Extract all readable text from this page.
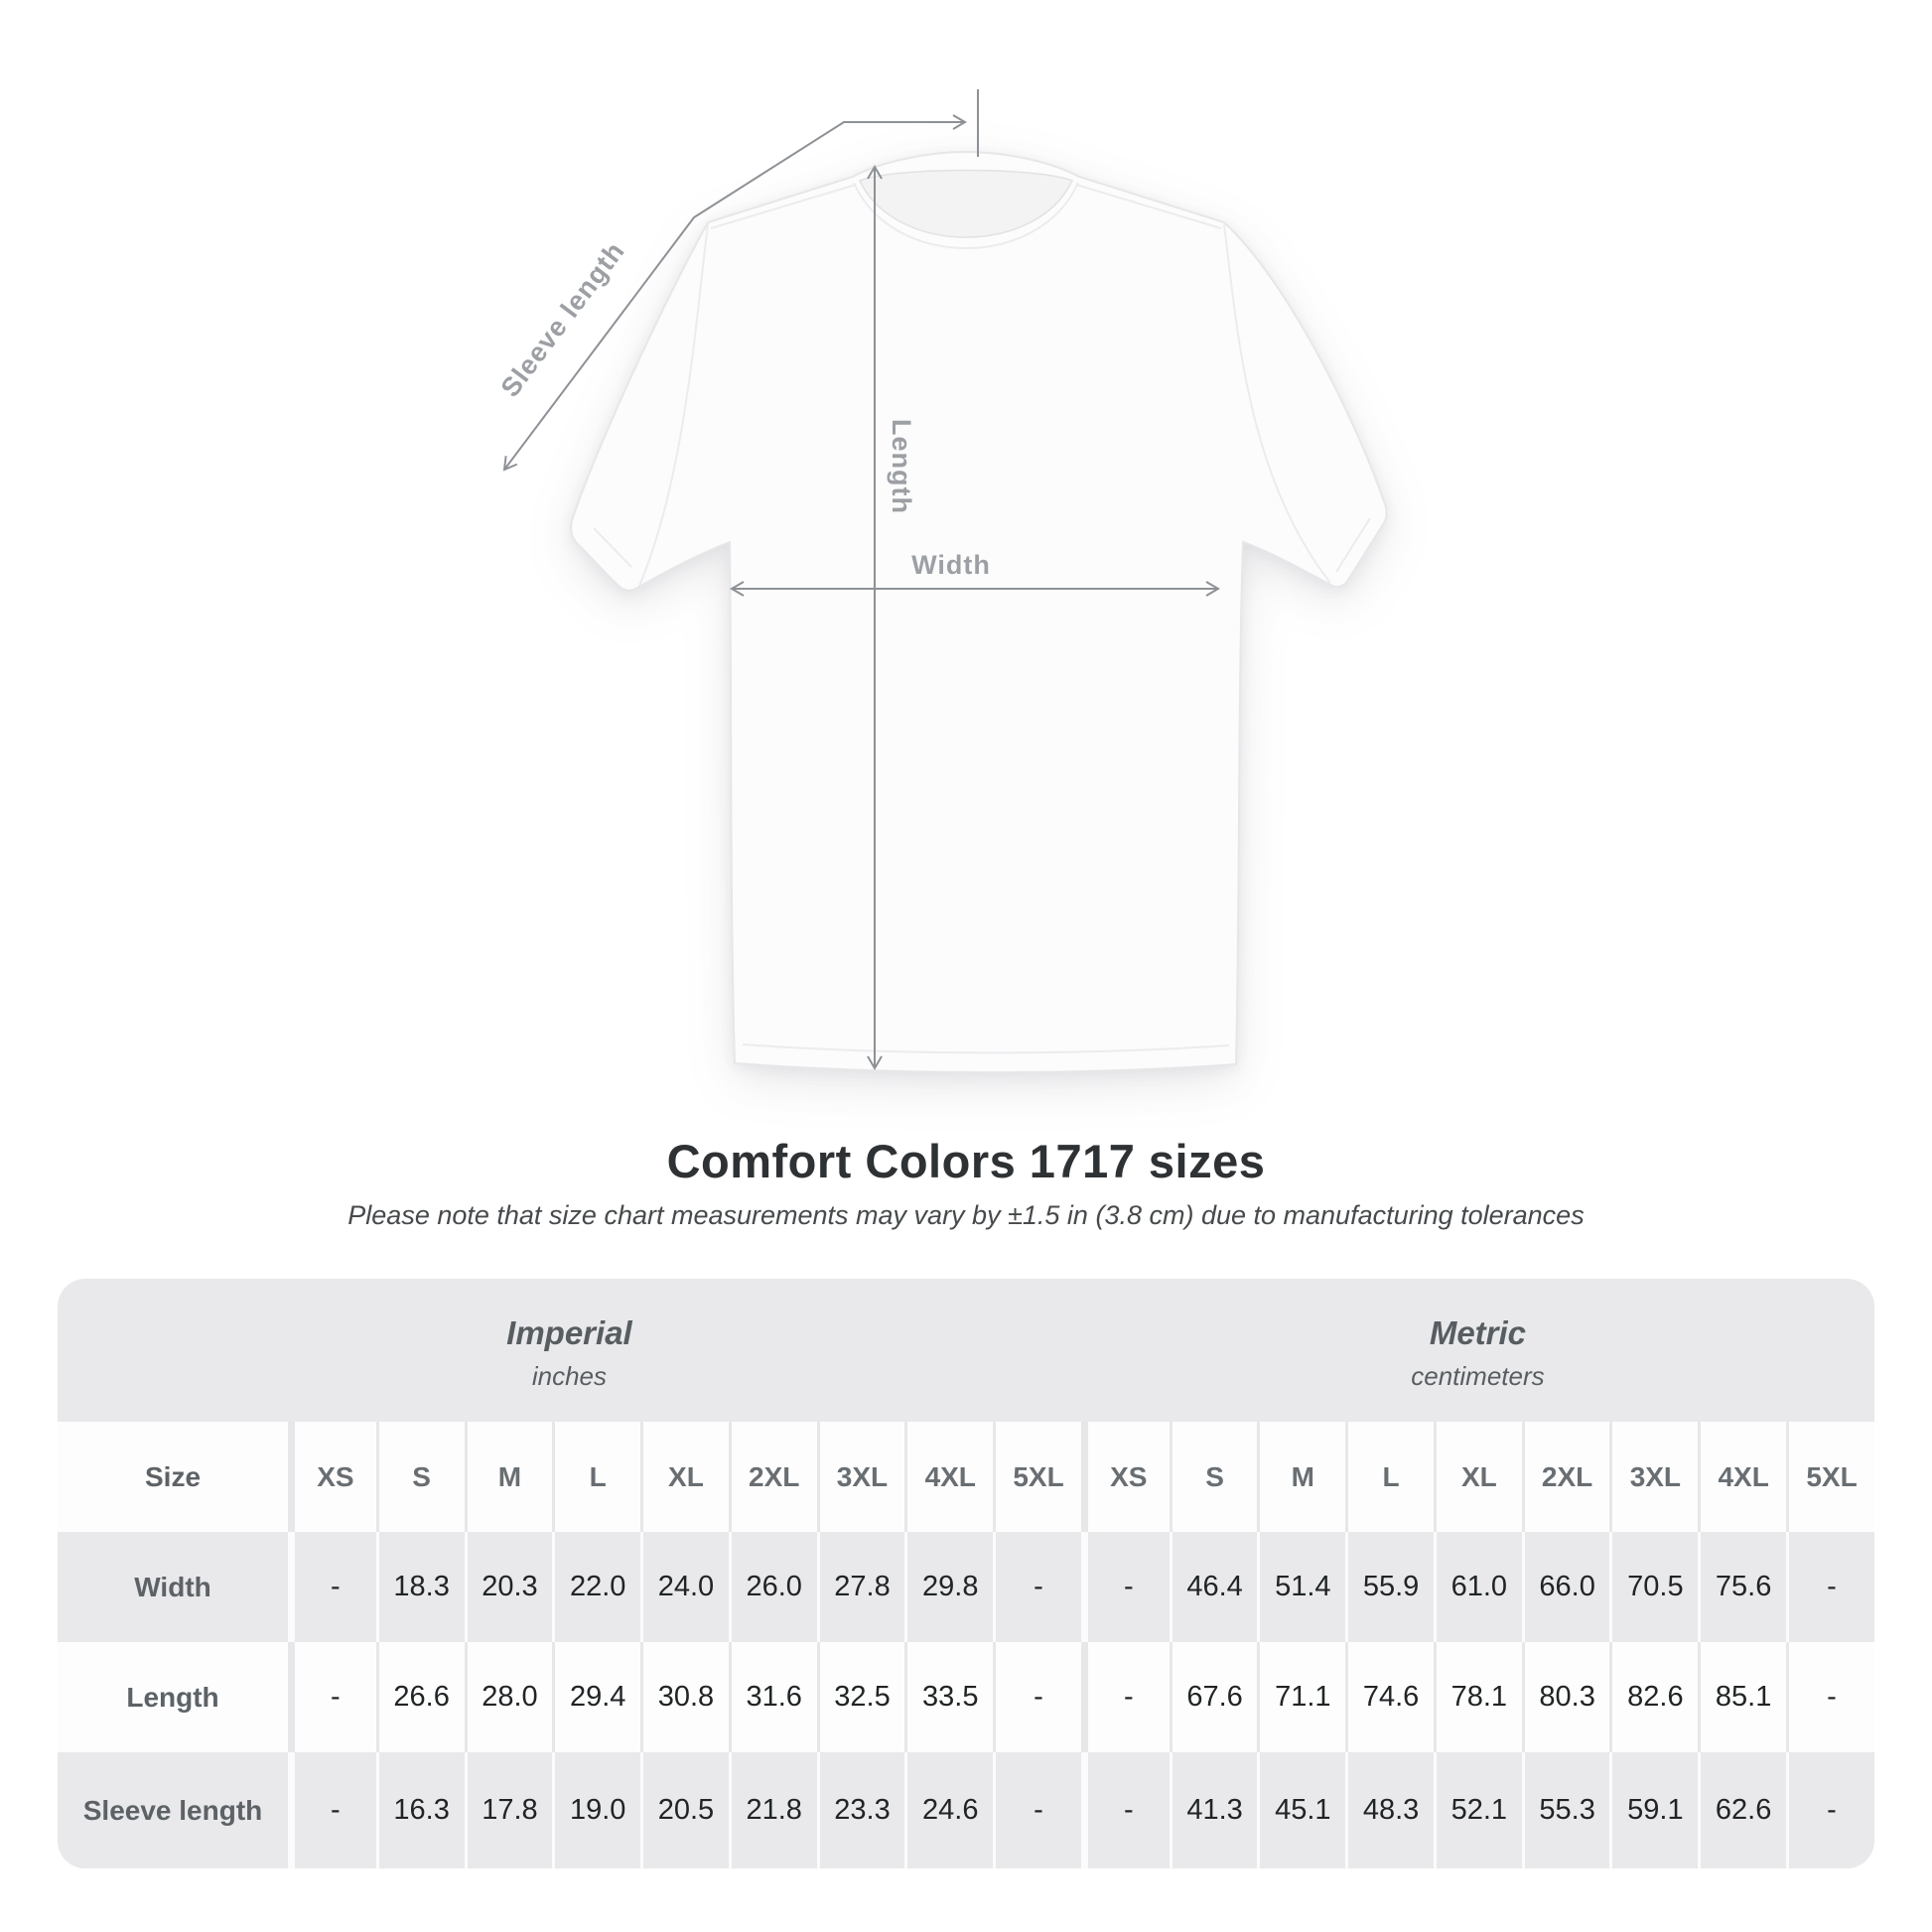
Sleeve length
Length
Width
Comfort Colors 1717 sizes

Please note that size chart measurements may vary by ±1.5 in (3.8 cm) due to manufacturing tolerances

Imperial
inches

Metric
centimeters

Size	XS	S	M	L	XL	2XL	3XL	4XL	5XL	XS	S	M	L	XL	2XL	3XL	4XL	5XL
Width	-	18.3	20.3	22.0	24.0	26.0	27.8	29.8	-	-	46.4	51.4	55.9	61.0	66.0	70.5	75.6	-
Length	-	26.6	28.0	29.4	30.8	31.6	32.5	33.5	-	-	67.6	71.1	74.6	78.1	80.3	82.6	85.1	-
Sleeve length	-	16.3	17.8	19.0	20.5	21.8	23.3	24.6	-	-	41.3	45.1	48.3	52.1	55.3	59.1	62.6	-
